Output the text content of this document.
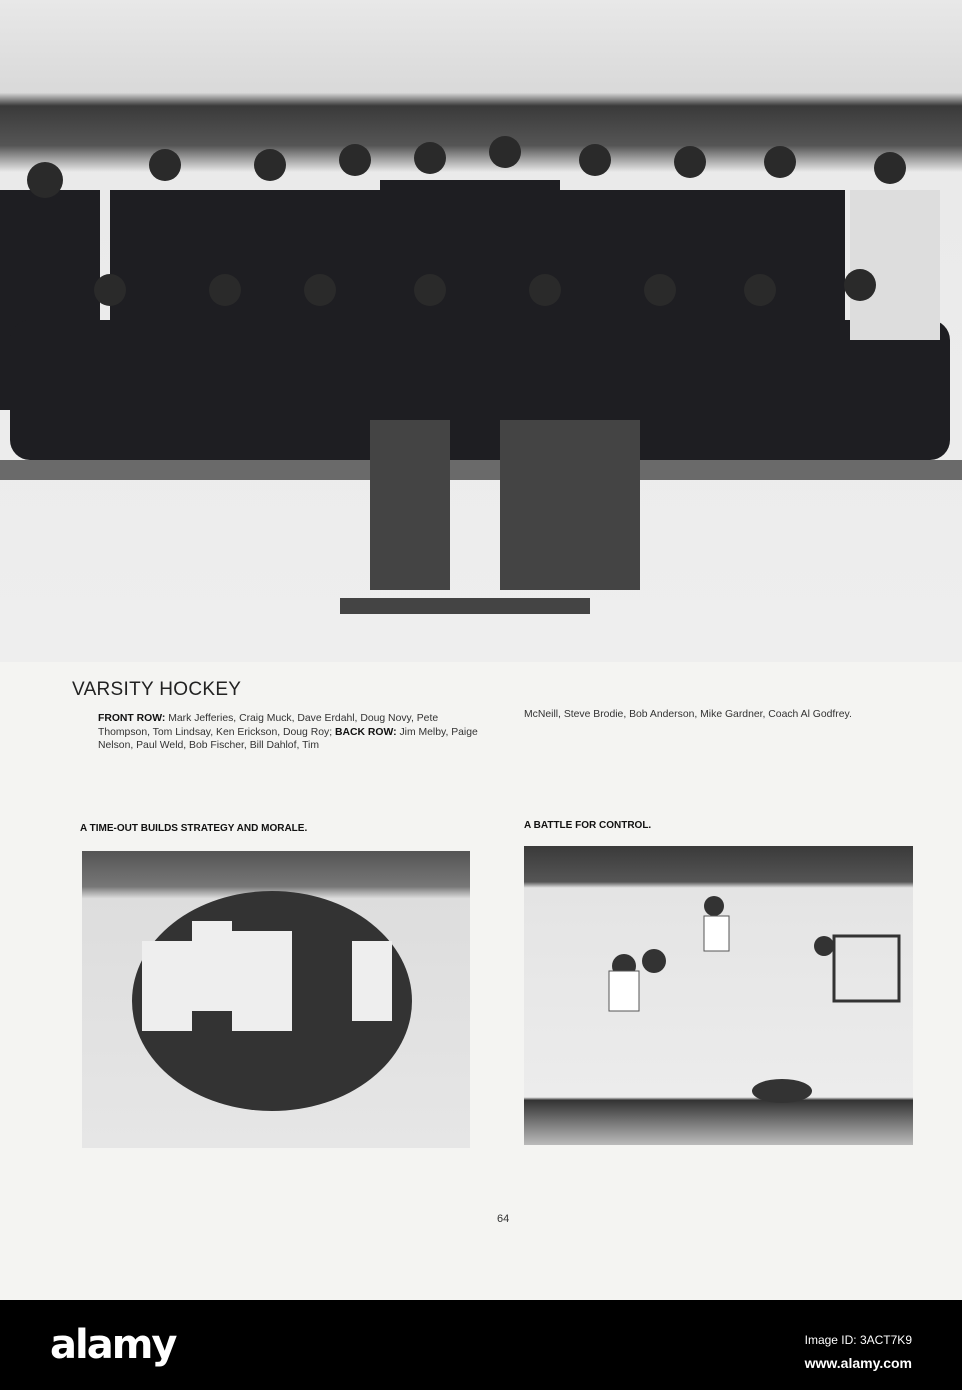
VARSITY HOCKEY
FRONT ROW: Mark Jefferies, Craig Muck, Dave Erdahl, Doug Novy, Pete Thompson, Tom Lindsay, Ken Erickson, Doug Roy; BACK ROW: Jim Melby, Paige Nelson, Paul Weld, Bob Fischer, Bill Dahlof, Tim
McNeill, Steve Brodie, Bob Anderson, Mike Gardner, Coach Al Godfrey.
A TIME-OUT BUILDS STRATEGY AND MORALE.	A BATTLE FOR CONTROL.
64
alamy	Image ID: 3ACT7K9
www.alamy.com
